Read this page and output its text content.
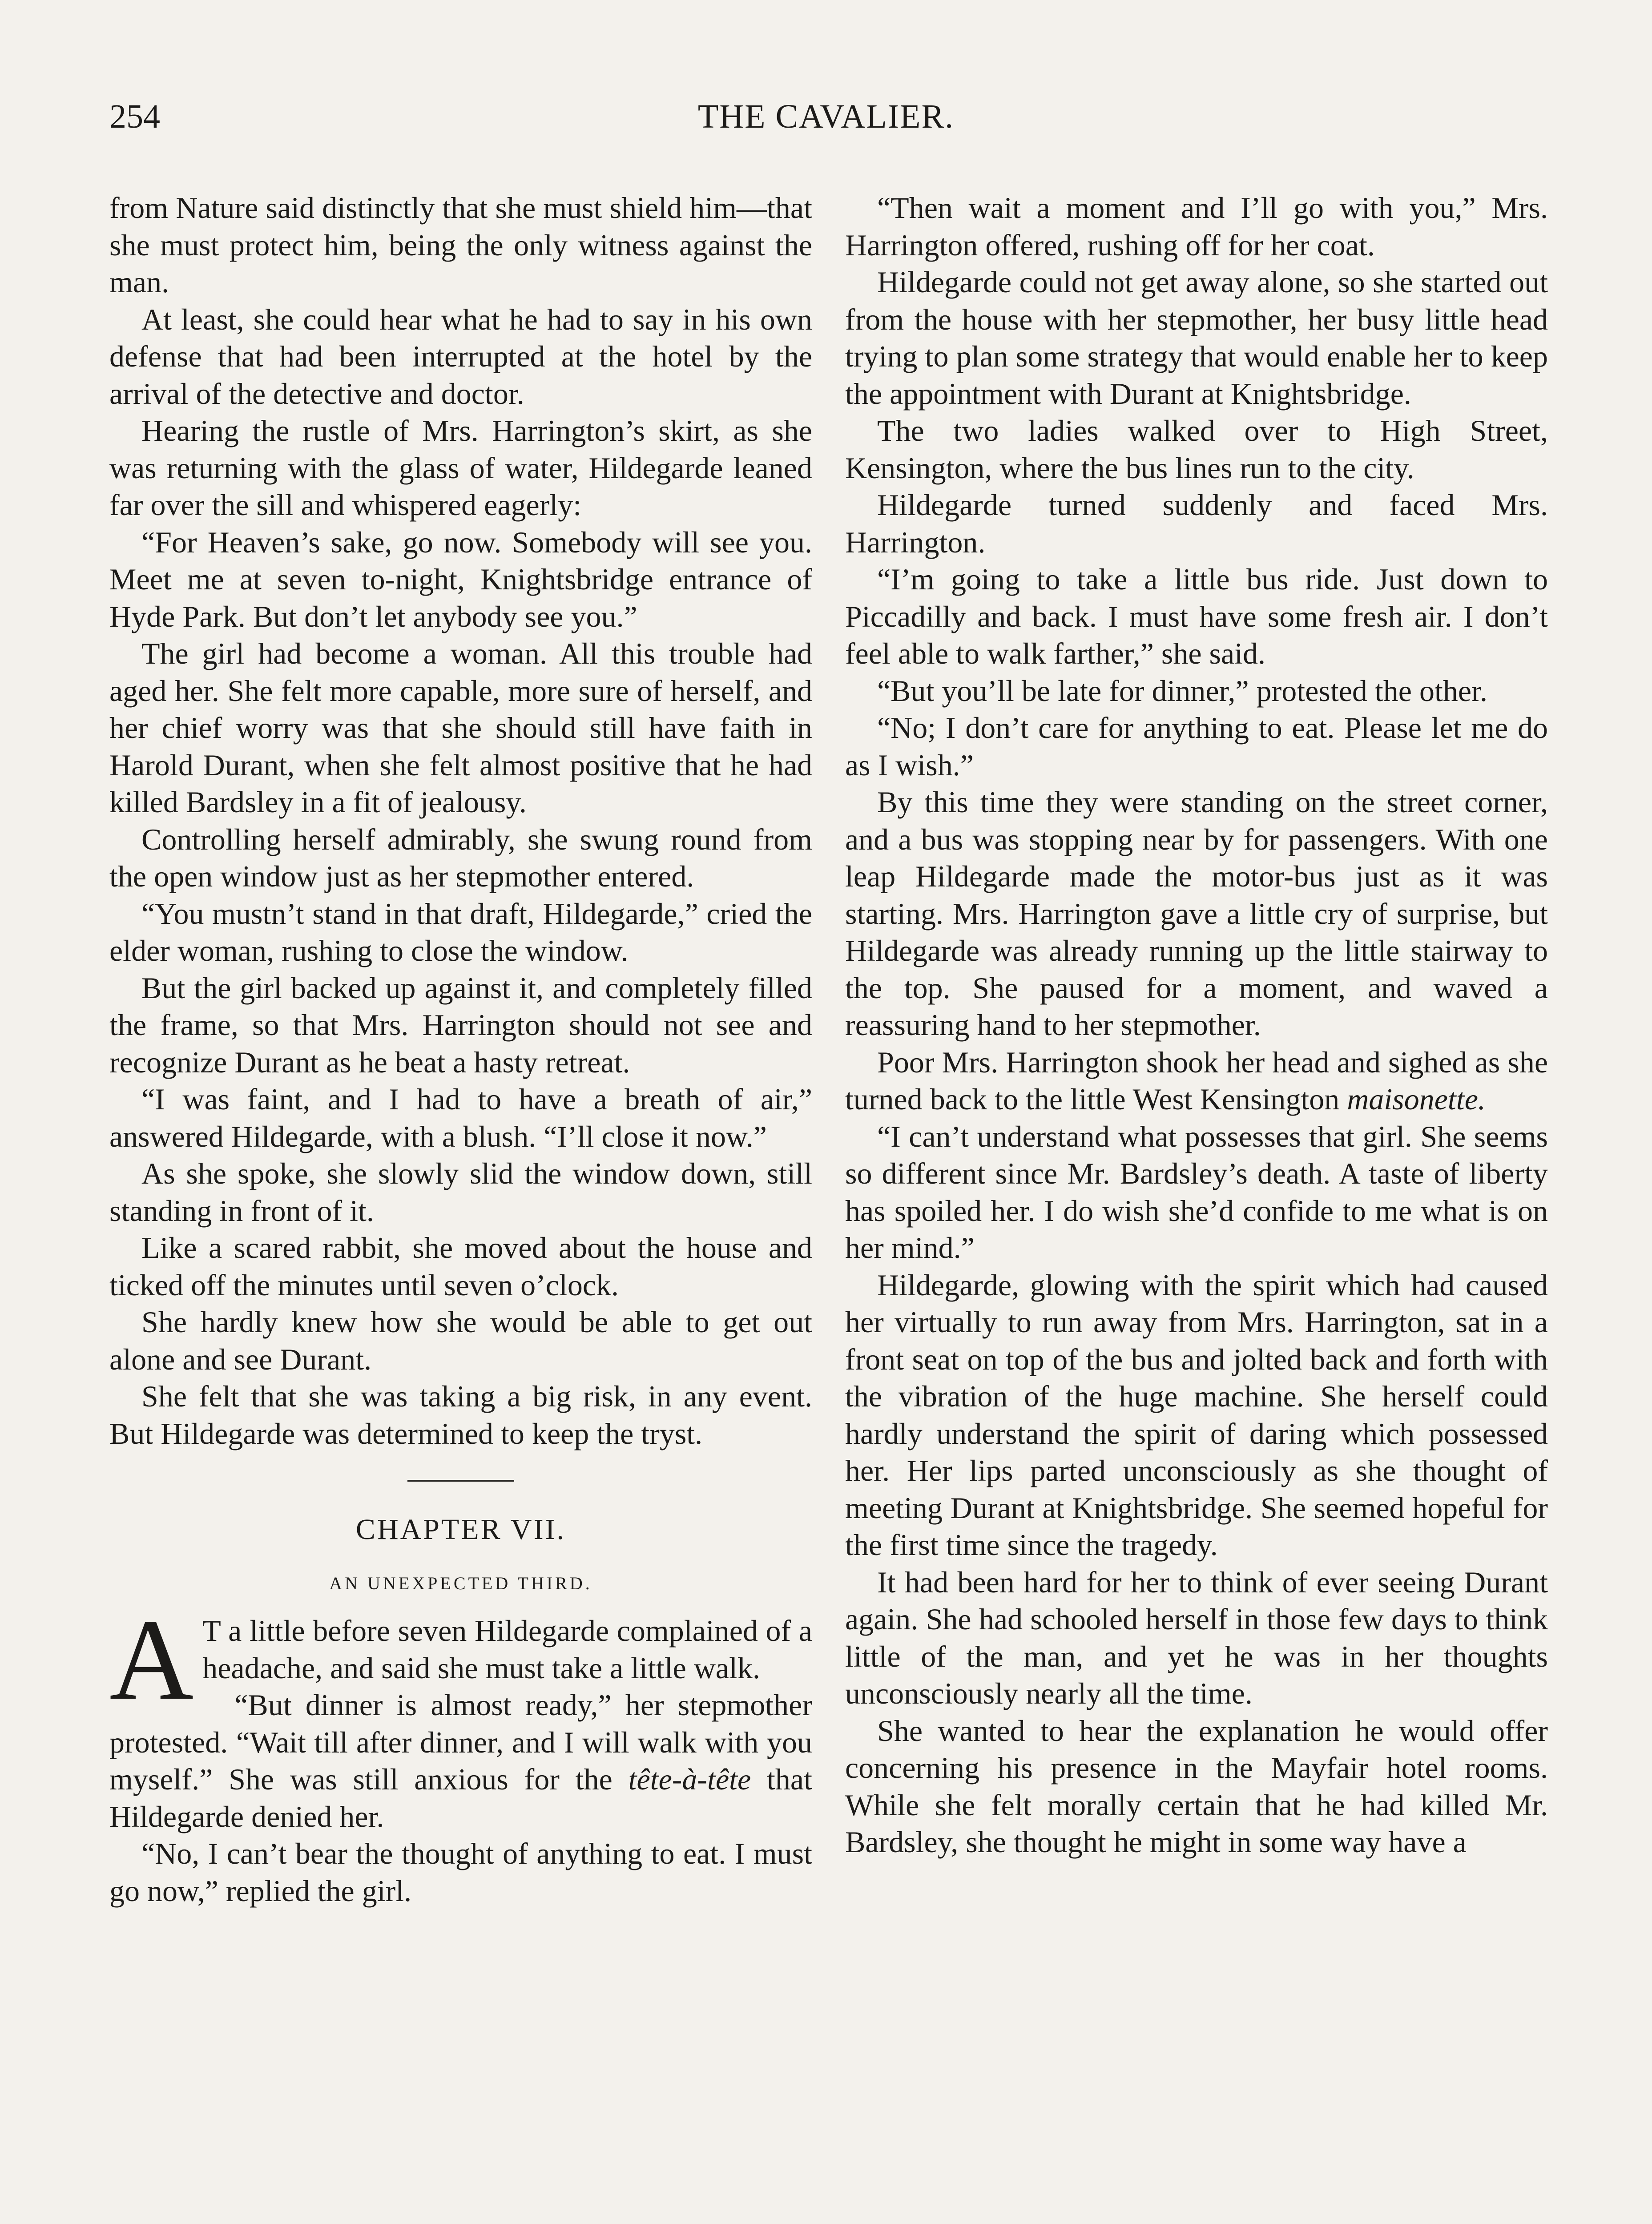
254	THE CAVALIER.

from Nature said distinctly that she must shield him—that she must protect him, being the only witness against the man.

At least, she could hear what he had to say in his own defense that had been interrupted at the hotel by the arrival of the detective and doctor.

Hearing the rustle of Mrs. Harrington’s skirt, as she was returning with the glass of water, Hildegarde leaned far over the sill and whispered eagerly:

“For Heaven’s sake, go now. Somebody will see you. Meet me at seven to-night, Knightsbridge entrance of Hyde Park. But don’t let anybody see you.”

The girl had become a woman. All this trouble had aged her. She felt more capable, more sure of herself, and her chief worry was that she should still have faith in Harold Durant, when she felt almost positive that he had killed Bardsley in a fit of jealousy.

Controlling herself admirably, she swung round from the open window just as her stepmother entered.

“You mustn’t stand in that draft, Hildegarde,” cried the elder woman, rushing to close the window.

But the girl backed up against it, and completely filled the frame, so that Mrs. Harrington should not see and recognize Durant as he beat a hasty retreat.

“I was faint, and I had to have a breath of air,” answered Hildegarde, with a blush. “I’ll close it now.”

As she spoke, she slowly slid the window down, still standing in front of it.

Like a scared rabbit, she moved about the house and ticked off the minutes until seven o’clock.

She hardly knew how she would be able to get out alone and see Durant.

She felt that she was taking a big risk, in any event. But Hildegarde was determined to keep the tryst.

CHAPTER VII.
AN UNEXPECTED THIRD.

A T a little before seven Hildegarde complained of a headache, and said she must take a little walk.

“But dinner is almost ready,” her stepmother protested. “Wait till after dinner, and I will walk with you myself.” She was still anxious for the tête-à-tête that Hildegarde denied her.

“No, I can’t bear the thought of anything to eat. I must go now,” replied the girl.

“Then wait a moment and I’ll go with you,” Mrs. Harrington offered, rushing off for her coat.

Hildegarde could not get away alone, so she started out from the house with her stepmother, her busy little head trying to plan some strategy that would enable her to keep the appointment with Durant at Knightsbridge.

The two ladies walked over to High Street, Kensington, where the bus lines run to the city.

Hildegarde turned suddenly and faced Mrs. Harrington.

“I’m going to take a little bus ride. Just down to Piccadilly and back. I must have some fresh air. I don’t feel able to walk farther,” she said.

“But you’ll be late for dinner,” protested the other.

“No; I don’t care for anything to eat. Please let me do as I wish.”

By this time they were standing on the street corner, and a bus was stopping near by for passengers. With one leap Hildegarde made the motor-bus just as it was starting. Mrs. Harrington gave a little cry of surprise, but Hildegarde was already running up the little stairway to the top. She paused for a moment, and waved a reassuring hand to her stepmother.

Poor Mrs. Harrington shook her head and sighed as she turned back to the little West Kensington maisonette.

“I can’t understand what possesses that girl. She seems so different since Mr. Bardsley’s death. A taste of liberty has spoiled her. I do wish she’d confide to me what is on her mind.”

Hildegarde, glowing with the spirit which had caused her virtually to run away from Mrs. Harrington, sat in a front seat on top of the bus and jolted back and forth with the vibration of the huge machine. She herself could hardly understand the spirit of daring which possessed her. Her lips parted unconsciously as she thought of meeting Durant at Knightsbridge. She seemed hopeful for the first time since the tragedy.

It had been hard for her to think of ever seeing Durant again. She had schooled herself in those few days to think little of the man, and yet he was in her thoughts unconsciously nearly all the time.

She wanted to hear the explanation he would offer concerning his presence in the Mayfair hotel rooms. While she felt morally certain that he had killed Mr. Bardsley, she thought he might in some way have a
